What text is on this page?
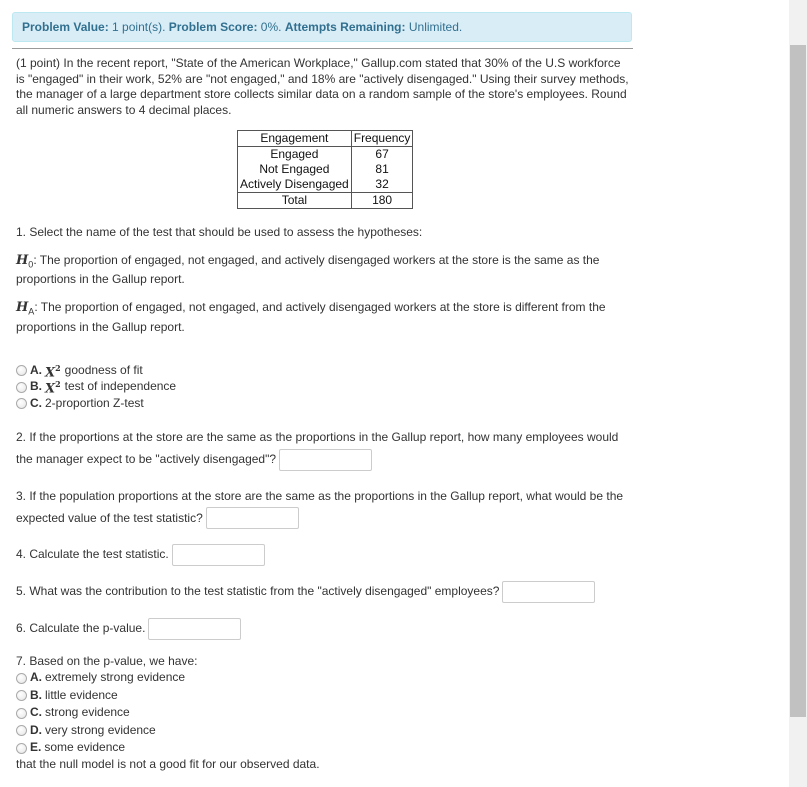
Problem Value: 1 point(s). Problem Score: 0%. Attempts Remaining: Unlimited.

(1 point) In the recent report, "State of the American Workplace," Gallup.com stated that 30% of the U.S workforce is "engaged" in their work, 52% are "not engaged," and 18% are "actively disengaged." Using their survey methods, the manager of a large department store collects similar data on a random sample of the store's employees. Round all numeric answers to 4 decimal places.

Engagement	Frequency
Engaged	67
Not Engaged	81
Actively Disengaged	32
Total	180

1. Select the name of the test that should be used to assess the hypotheses:

$H_0$: The proportion of engaged, not engaged, and actively disengaged workers at the store is the same as the proportions in the Gallup report.

$H_A$: The proportion of engaged, not engaged, and actively disengaged workers at the store is different from the proportions in the Gallup report.

A. $X^2$ goodness of fit
B. $X^2$ test of independence
C. 2-proportion Z-test

2. If the proportions at the store are the same as the proportions in the Gallup report, how many employees would the manager expect to be "actively disengaged"?

3. If the population proportions at the store are the same as the proportions in the Gallup report, what would be the expected value of the test statistic?

4. Calculate the test statistic.

5. What was the contribution to the test statistic from the "actively disengaged" employees?

6. Calculate the p-value.

7. Based on the p-value, we have:

A. extremely strong evidence
B. little evidence
C. strong evidence
D. very strong evidence
E. some evidence

that the null model is not a good fit for our observed data.
